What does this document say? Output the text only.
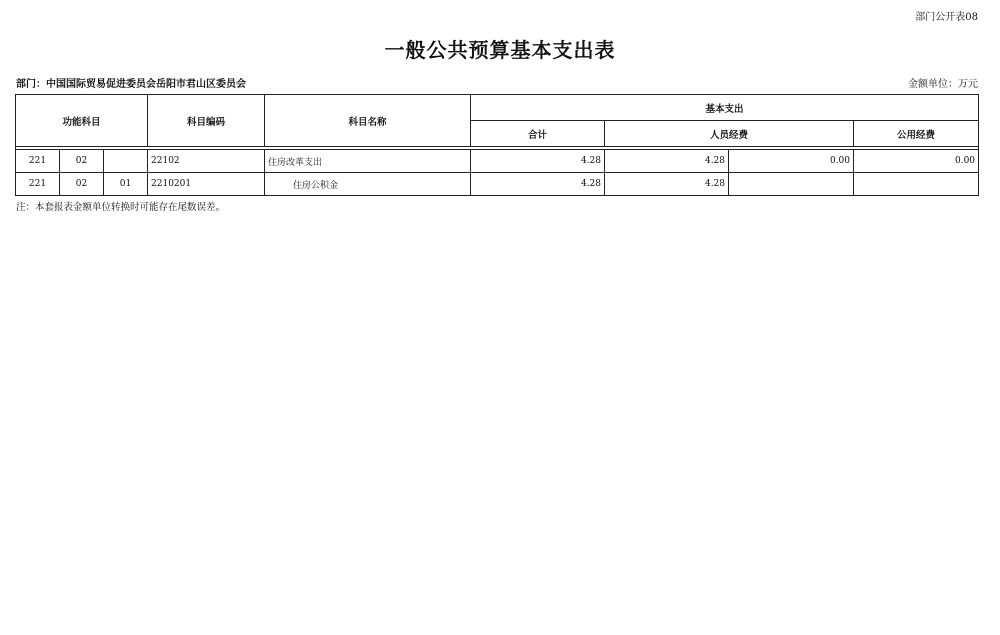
部门公开表08
一般公共预算基本支出表
部门：中国国际贸易促进委员会岳阳市君山区委员会	金额单位：万元
功能科目			科目编码	科目名称	基本支出			
					合计	人员经费		公用经费

221	02		22102	住房改革支出	4.28	4.28	0.00	0.00
221	02	01	2210201	住房公积金	4.28	4.28		
注：本套报表金额单位转换时可能存在尾数误差。
